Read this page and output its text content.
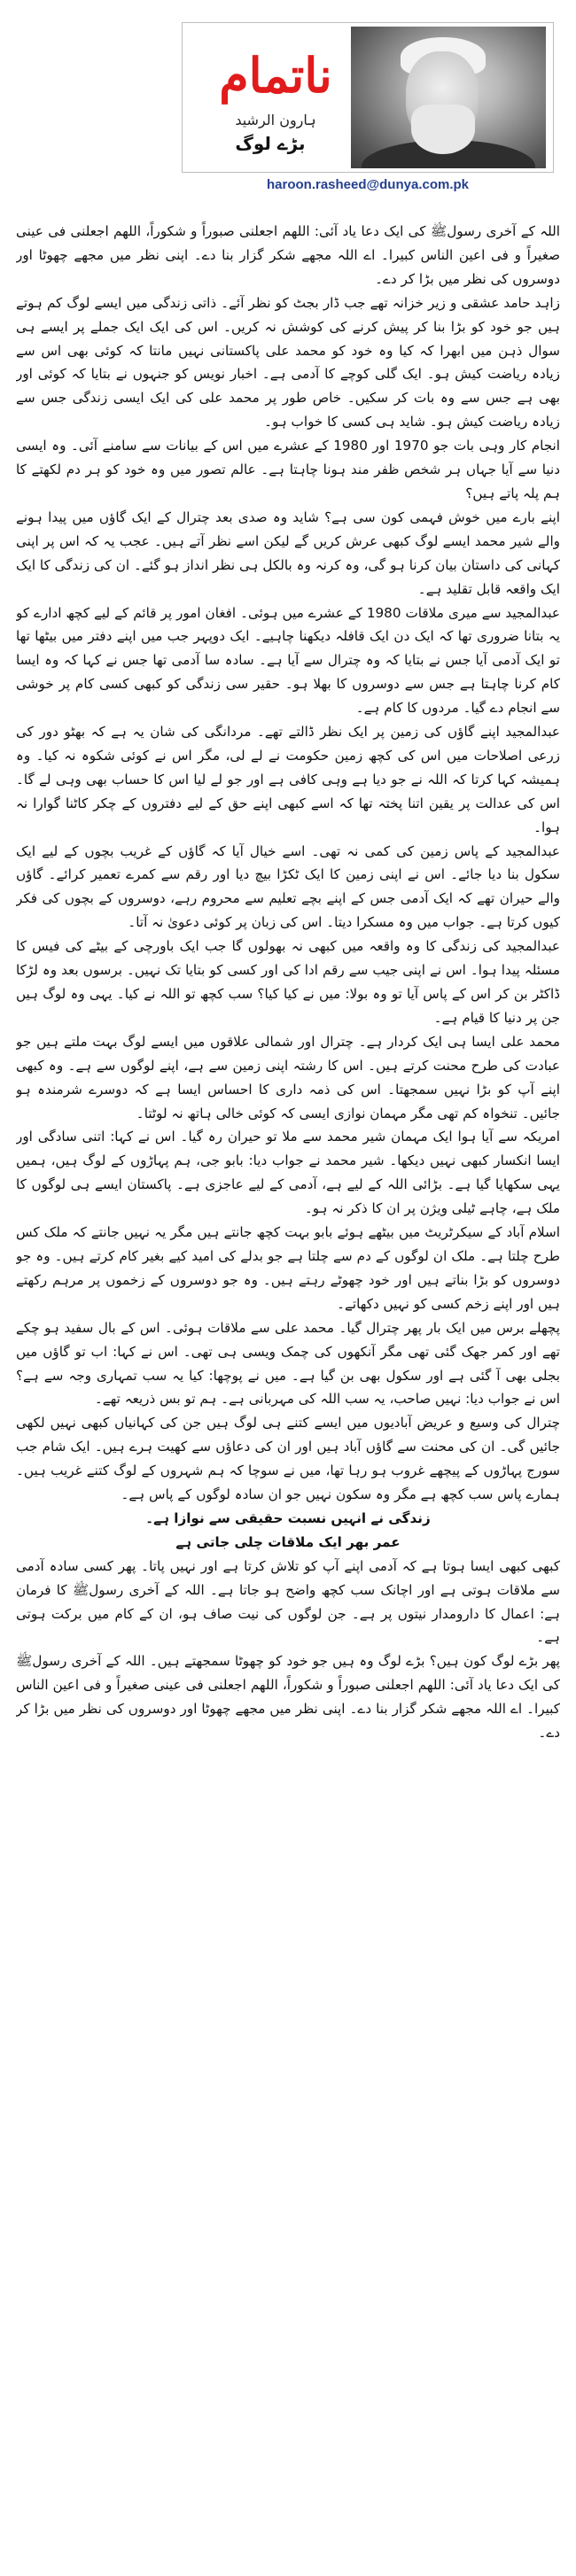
ناتمام
ہارون الرشید
haroon.rasheed@dunya.com.pk

اللہ کے آخری رسولﷺ کی ایک دعا یاد آئی: اللھم اجعلنی صبوراً و شکوراً، اللھم اجعلنی فی عینی صغیراً و فی اعین الناس کبیرا۔ اے اللہ مجھے شکر گزار بنا دے۔ اپنی نظر میں مجھے چھوٹا اور دوسروں کی نظر میں بڑا کر دے۔

زاہد حامد عشقی و زیر خزانہ تھے جب ڈار بجٹ کو نظر آئے۔ ذاتی زندگی میں ایسے لوگ کم ہوتے ہیں جو خود کو بڑا بنا کر پیش کرنے کی کوشش نہ کریں۔ اس کی ایک ایک جملے پر ایسے ہی سوال ذہن میں ابھرا کہ کیا وہ خود کو محمد علی پاکستانی نہیں مانتا کہ کوئی بھی اس سے زیادہ ریاضت کیش ہو۔ ایک گلی کوچے کا آدمی ہے۔ اخبار نویس کو جنہوں نے بتایا کہ کوئی اور بھی ہے جس سے وہ بات کر سکیں۔ خاص طور پر محمد علی کی ایک ایسی زندگی جس سے زیادہ ریاضت کیش ہو۔ شاید ہی کسی کا خواب ہو۔

انجام کار وہی بات جو 1970 اور 1980 کے عشرے میں اس کے بیانات سے سامنے آئی۔ وہ ایسی دنیا سے آیا جہاں ہر شخص ظفر مند ہونا چاہتا ہے۔ عالم تصور میں وہ خود کو ہر دم لکھتے کا ہم پلہ پاتے ہیں؟

اپنے بارے میں خوش فہمی کون سی ہے؟ شاید وہ صدی بعد چترال کے ایک گاؤں میں پیدا ہونے والے شیر محمد ایسے لوگ کبھی عرش کریں گے لیکن اسے نظر آتے ہیں۔ عجب یہ کہ اس پر اپنی کہانی کی داستان بیان کرنا ہو گی، وہ کرنہ وہ بالکل ہی نظر انداز ہو گئے۔ ان کی زندگی کا ایک ایک واقعہ قابل تقلید ہے۔

عبدالمجید سے میری ملاقات 1980 کے عشرے میں ہوئی۔ افغان امور پر قائم کے لیے کچھ ادارے کو یہ بتانا ضروری تھا کہ ایک دن ایک قافلہ دیکھنا چاہیے۔ ایک دوپہر جب میں اپنے دفتر میں بیٹھا تھا تو ایک آدمی آیا جس نے بتایا کہ وہ چترال سے آیا ہے۔ سادہ سا آدمی تھا جس نے کہا کہ وہ ایسا کام کرنا چاہتا ہے جس سے دوسروں کا بھلا ہو۔ حقیر سی زندگی کو کبھی کسی کام پر خوشی سے انجام دے گیا۔ مردوں کا کام ہے۔

عبدالمجید اپنے گاؤں کی زمین پر ایک نظر ڈالتے تھے۔ مردانگی کی شان یہ ہے کہ بھٹو دور کی زرعی اصلاحات میں اس کی کچھ زمین حکومت نے لے لی، مگر اس نے کوئی شکوہ نہ کیا۔ وہ ہمیشہ کہا کرتا کہ اللہ نے جو دیا ہے وہی کافی ہے اور جو لے لیا اس کا حساب بھی وہی لے گا۔ اس کی عدالت پر یقین اتنا پختہ تھا کہ اسے کبھی اپنے حق کے لیے دفتروں کے چکر کاٹنا گوارا نہ ہوا۔

عبدالمجید کے پاس زمین کی کمی نہ تھی۔ اسے خیال آیا کہ گاؤں کے غریب بچوں کے لیے ایک سکول بنا دیا جائے۔ اس نے اپنی زمین کا ایک ٹکڑا بیچ دیا اور رقم سے کمرے تعمیر کرائے۔ گاؤں والے حیران تھے کہ ایک آدمی جس کے اپنے بچے تعلیم سے محروم رہے، دوسروں کے بچوں کی فکر کیوں کرتا ہے۔ جواب میں وہ مسکرا دیتا۔ اس کی زبان پر کوئی دعویٰ نہ آتا۔

عبدالمجید کی زندگی کا وہ واقعہ میں کبھی نہ بھولوں گا جب ایک باورچی کے بیٹے کی فیس کا مسئلہ پیدا ہوا۔ اس نے اپنی جیب سے رقم ادا کی اور کسی کو بتایا تک نہیں۔ برسوں بعد وہ لڑکا ڈاکٹر بن کر اس کے پاس آیا تو وہ بولا: میں نے کیا کیا؟ سب کچھ تو اللہ نے کیا۔ یہی وہ لوگ ہیں جن پر دنیا کا قیام ہے۔

محمد علی ایسا ہی ایک کردار ہے۔ چترال اور شمالی علاقوں میں ایسے لوگ بہت ملتے ہیں جو عبادت کی طرح محنت کرتے ہیں۔ اس کا رشتہ اپنی زمین سے ہے، اپنے لوگوں سے ہے۔ وہ کبھی اپنے آپ کو بڑا نہیں سمجھتا۔ اس کی ذمہ داری کا احساس ایسا ہے کہ دوسرے شرمندہ ہو جائیں۔ تنخواہ کم تھی مگر مہمان نوازی ایسی کہ کوئی خالی ہاتھ نہ لوٹتا۔

امریکہ سے آیا ہوا ایک مہمان شیر محمد سے ملا تو حیران رہ گیا۔ اس نے کہا: اتنی سادگی اور ایسا انکسار کبھی نہیں دیکھا۔ شیر محمد نے جواب دیا: بابو جی، ہم پہاڑوں کے لوگ ہیں، ہمیں یہی سکھایا گیا ہے۔ بڑائی اللہ کے لیے ہے، آدمی کے لیے عاجزی ہے۔ پاکستان ایسے ہی لوگوں کا ملک ہے، چاہے ٹیلی ویژن پر ان کا ذکر نہ ہو۔

اسلام آباد کے سیکرٹریٹ میں بیٹھے ہوئے بابو بہت کچھ جانتے ہیں مگر یہ نہیں جانتے کہ ملک کس طرح چلتا ہے۔ ملک ان لوگوں کے دم سے چلتا ہے جو بدلے کی امید کیے بغیر کام کرتے ہیں۔ وہ جو دوسروں کو بڑا بناتے ہیں اور خود چھوٹے رہتے ہیں۔ وہ جو دوسروں کے زخموں پر مرہم رکھتے ہیں اور اپنے زخم کسی کو نہیں دکھاتے۔

پچھلے برس میں ایک بار پھر چترال گیا۔ محمد علی سے ملاقات ہوئی۔ اس کے بال سفید ہو چکے تھے اور کمر جھک گئی تھی مگر آنکھوں کی چمک ویسی ہی تھی۔ اس نے کہا: اب تو گاؤں میں بجلی بھی آ گئی ہے اور سکول بھی بن گیا ہے۔ میں نے پوچھا: کیا یہ سب تمہاری وجہ سے ہے؟ اس نے جواب دیا: نہیں صاحب، یہ سب اللہ کی مہربانی ہے۔ ہم تو بس ذریعہ تھے۔

چترال کی وسیع و عریض آبادیوں میں ایسے کتنے ہی لوگ ہیں جن کی کہانیاں کبھی نہیں لکھی جائیں گی۔ ان کی محنت سے گاؤں آباد ہیں اور ان کی دعاؤں سے کھیت ہرے ہیں۔ ایک شام جب سورج پہاڑوں کے پیچھے غروب ہو رہا تھا، میں نے سوچا کہ ہم شہروں کے لوگ کتنے غریب ہیں۔ ہمارے پاس سب کچھ ہے مگر وہ سکون نہیں جو ان سادہ لوگوں کے پاس ہے۔

زندگی نے انہیں نسبت حقیقی سے نوازا ہے۔

عمر بھر ایک ملاقات چلی جاتی ہے

کبھی کبھی ایسا ہوتا ہے کہ آدمی اپنے آپ کو تلاش کرتا ہے اور نہیں پاتا۔ پھر کسی سادہ آدمی سے ملاقات ہوتی ہے اور اچانک سب کچھ واضح ہو جاتا ہے۔ اللہ کے آخری رسولﷺ کا فرمان ہے: اعمال کا دارومدار نیتوں پر ہے۔ جن لوگوں کی نیت صاف ہو، ان کے کام میں برکت ہوتی ہے۔

پھر بڑے لوگ کون ہیں؟ بڑے لوگ وہ ہیں جو خود کو چھوٹا سمجھتے ہیں۔ اللہ کے آخری رسولﷺ کی ایک دعا یاد آئی: اللھم اجعلنی صبوراً و شکوراً، اللھم اجعلنی فی عینی صغیراً و فی اعین الناس کبیرا۔ اے اللہ مجھے شکر گزار بنا دے۔ اپنی نظر میں مجھے چھوٹا اور دوسروں کی نظر میں بڑا کر دے۔

بڑے لوگ
